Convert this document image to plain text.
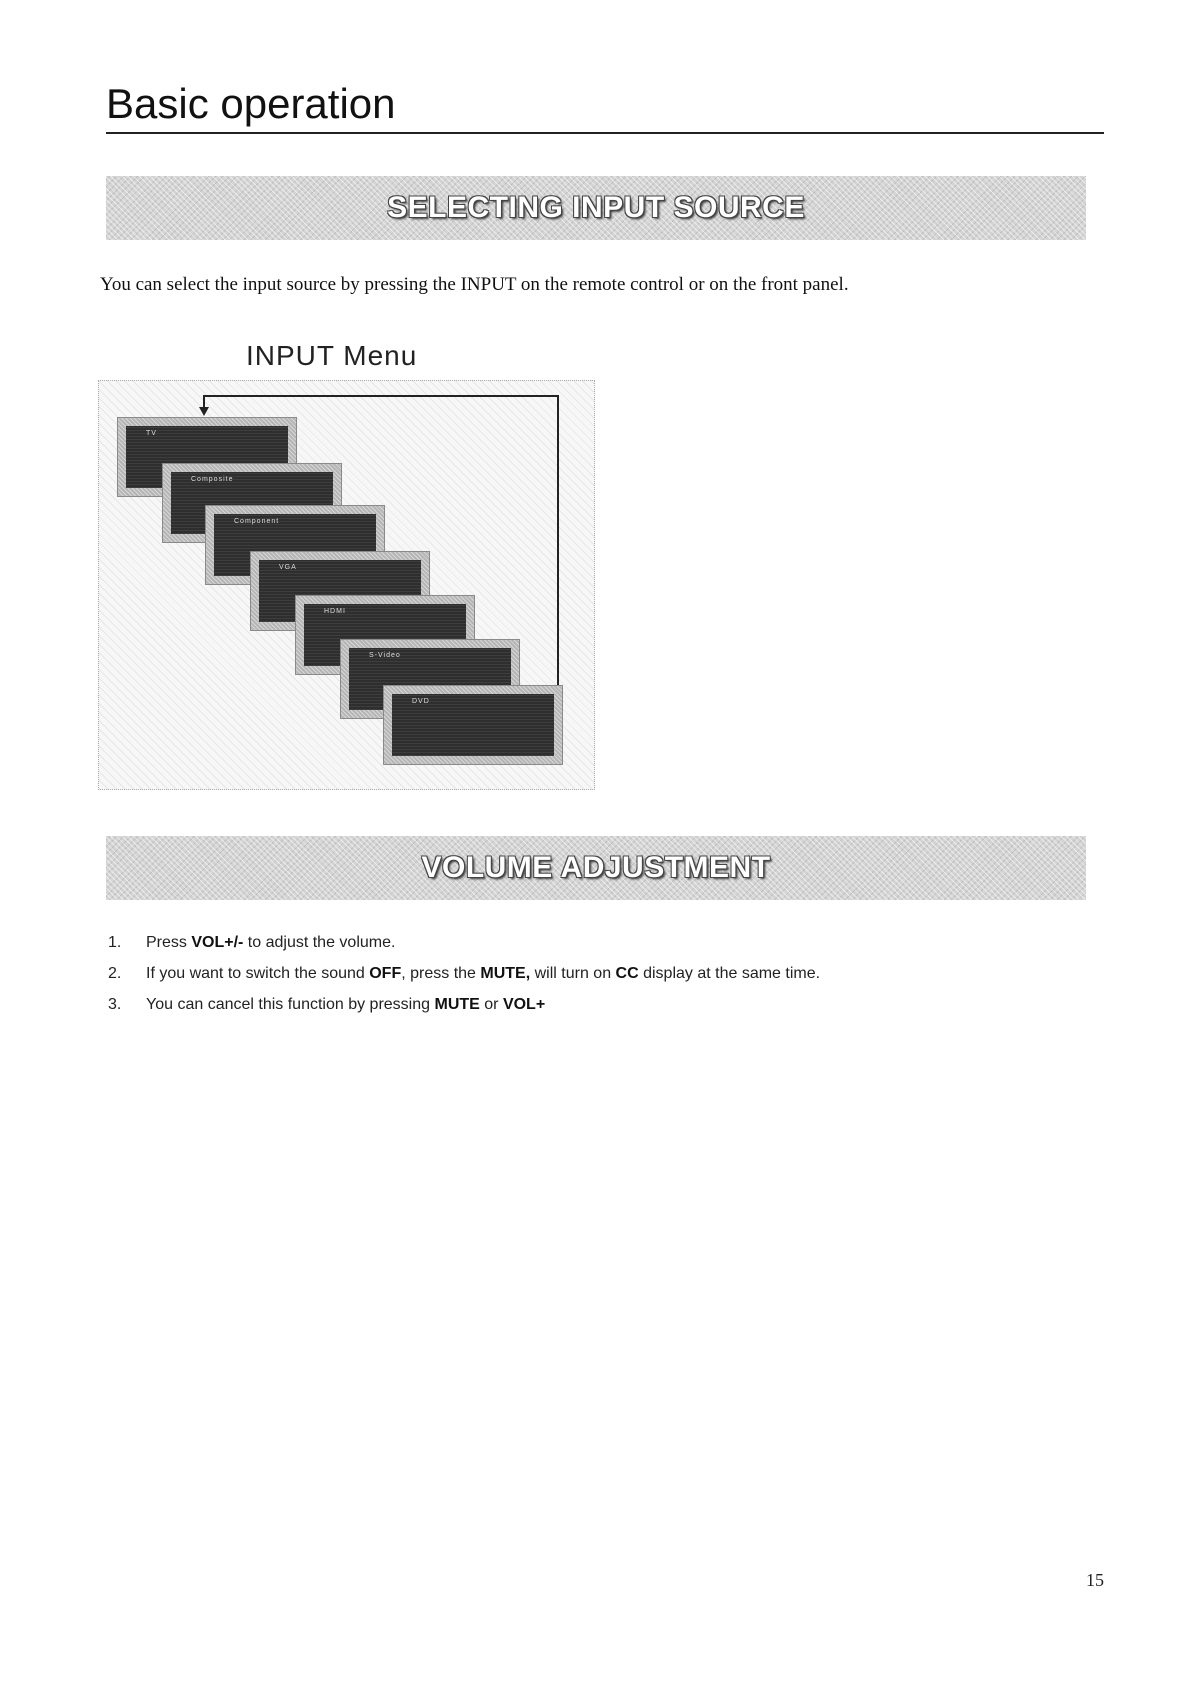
Basic operation
SELECTING INPUT SOURCE

You can select the input source by pressing the INPUT on the remote control or on the front panel.

INPUT Menu

TV
Composite
Component
VGA
HDMI
S-Video
DVD
VOLUME ADJUSTMENT
1. Press VOL+/- to adjust the volume.
2. If you want to switch the sound OFF, press the MUTE, will turn on CC display at the same time.
3. You can cancel this function by pressing MUTE or VOL+
15
